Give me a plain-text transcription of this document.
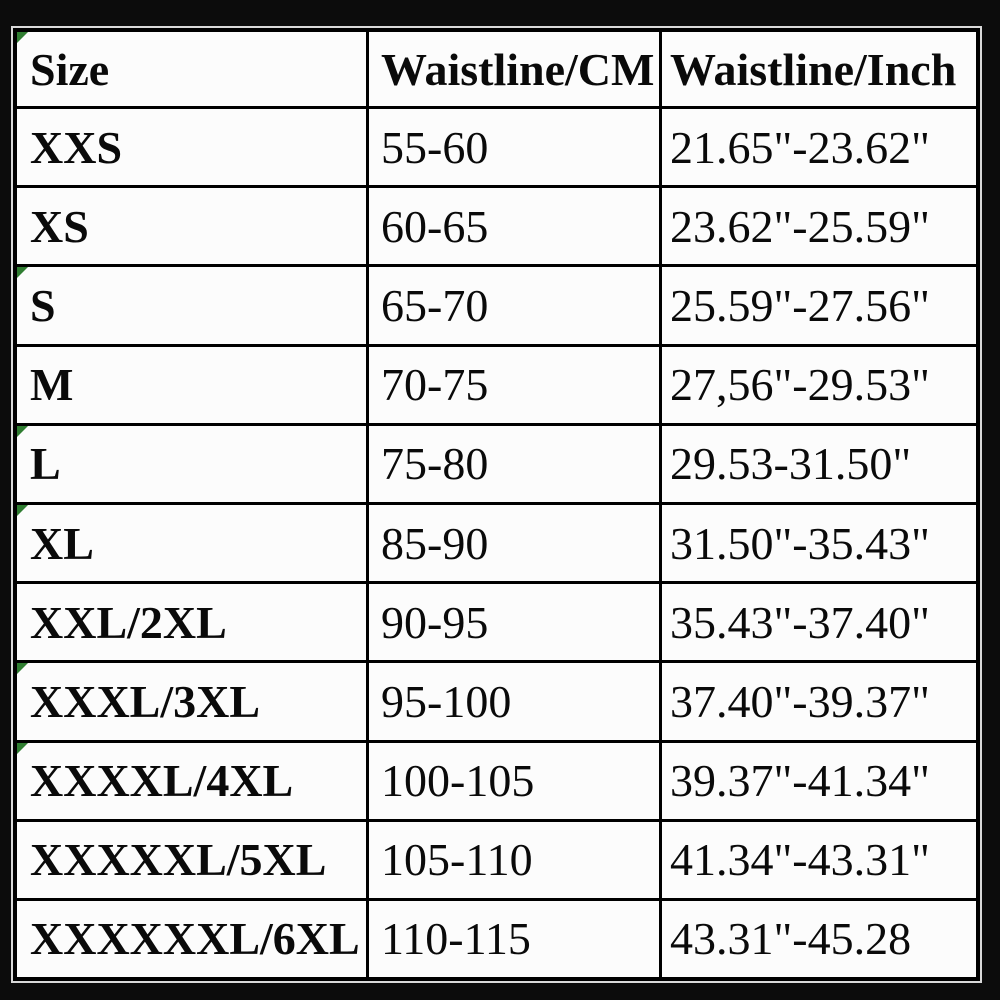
Size	Waistline/CM Waistline/Inch
XXS	55-60	21.65"-23.62"
XS	60-65	23.62"-25.59"
S	65-70	25.59"-27.56"
M	70-75	27,56"-29.53"
L	75-80	29.53-31.50"
XL	85-90	31.50"-35.43"
XXL/2XL	90-95	35.43"-37.40"
XXXL/3XL	95-100	37.40"-39.37"
XXXXL/4XL 100-105	39.37"-41.34"
XXXXXL/5XL 105-110	41.34"-43.31"
XXXXXXL/6XL 110-115	43.31"-45.28
